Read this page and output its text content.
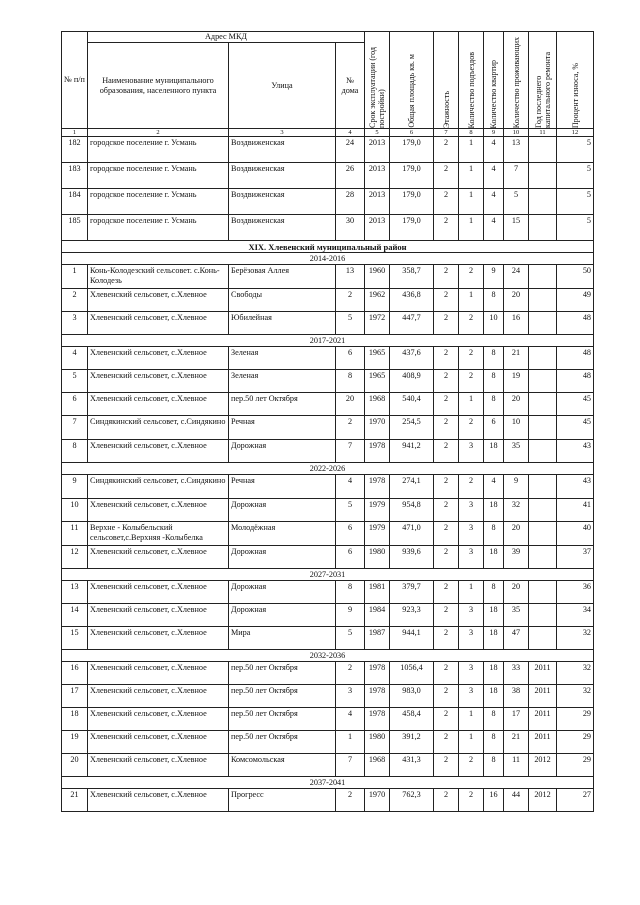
№ п/п	Адрес МКД			Срок эксплуатации (год постройки)	Общая площадь кв. м	Этажность	Количество подъездов	Количество квартир	Количество проживающих	Год последнего капитального ремонта	Процент износа, %

	Наименование муниципального образования, населенного пункта	Улица	№ дома								
1	2	3	4	5	6	7	8	9	10	11	12
182	городское поселение г. Усмань	Воздвиженская	24	2013	179,0	2	1	4	13		5
183	городское поселение г. Усмань	Воздвиженская	26	2013	179,0	2	1	4	7		5
184	городское поселение г. Усмань	Воздвиженская	28	2013	179,0	2	1	4	5		5
185	городское поселение г. Усмань	Воздвиженская	30	2013	179,0	2	1	4	15		5
XIX. Хлевенский муниципальный район											
2014-2016											
1	Конь-Колодезский сельсовет. с.Конь-Колодезь	Берёзовая Аллея	13	1960	358,7	2	2	9	24		50
2	Хлевенский сельсовет, с.Хлевное	Свободы	2	1962	436,8	2	1	8	20		49
3	Хлевенский сельсовет, с.Хлевное	Юбилейная	5	1972	447,7	2	2	10	16		48
2017-2021											
4	Хлевенский сельсовет, с.Хлевное	Зеленая	6	1965	437,6	2	2	8	21		48
5	Хлевенский сельсовет, с.Хлевное	Зеленая	8	1965	408,9	2	2	8	19		48
6	Хлевенский сельсовет, с.Хлевное	пер.50 лет Октября	20	1968	540,4	2	1	8	20		45
7	Синдякинский сельсовет, с.Синдякино	Речная	2	1970	254,5	2	2	6	10		45
8	Хлевенский сельсовет, с.Хлевное	Дорожная	7	1978	941,2	2	3	18	35		43
2022-2026											
9	Синдякинский сельсовет, с.Синдякино	Речная	4	1978	274,1	2	2	4	9		43
10	Хлевенский сельсовет, с.Хлевное	Дорожная	5	1979	954,8	2	3	18	32		41
11	Верхне - Колыбельский сельсовет,с.Верхняя -Колыбелка	Молодёжная	6	1979	471,0	2	3	8	20		40
12	Хлевенский сельсовет, с.Хлевное	Дорожная	6	1980	939,6	2	3	18	39		37
2027-2031											
13	Хлевенский сельсовет, с.Хлевное	Дорожная	8	1981	379,7	2	1	8	20		36
14	Хлевенский сельсовет, с.Хлевное	Дорожная	9	1984	923,3	2	3	18	35		34
15	Хлевенский сельсовет, с.Хлевное	Мира	5	1987	944,1	2	3	18	47		32
2032-2036											
16	Хлевенский сельсовет, с.Хлевное	пер.50 лет Октября	2	1978	1056,4	2	3	18	33	2011	32
17	Хлевенский сельсовет, с.Хлевное	пер.50 лет Октября	3	1978	983,0	2	3	18	38	2011	32
18	Хлевенский сельсовет, с.Хлевное	пер.50 лет Октября	4	1978	458,4	2	1	8	17	2011	29
19	Хлевенский сельсовет, с.Хлевное	пер.50 лет Октября	1	1980	391,2	2	1	8	21	2011	29
20	Хлевенский сельсовет, с.Хлевное	Комсомольская	7	1968	431,3	2	2	8	11	2012	29
2037-2041											
21	Хлевенский сельсовет, с.Хлевное	Прогресс	2	1970	762,3	2	2	16	44	2012	27
